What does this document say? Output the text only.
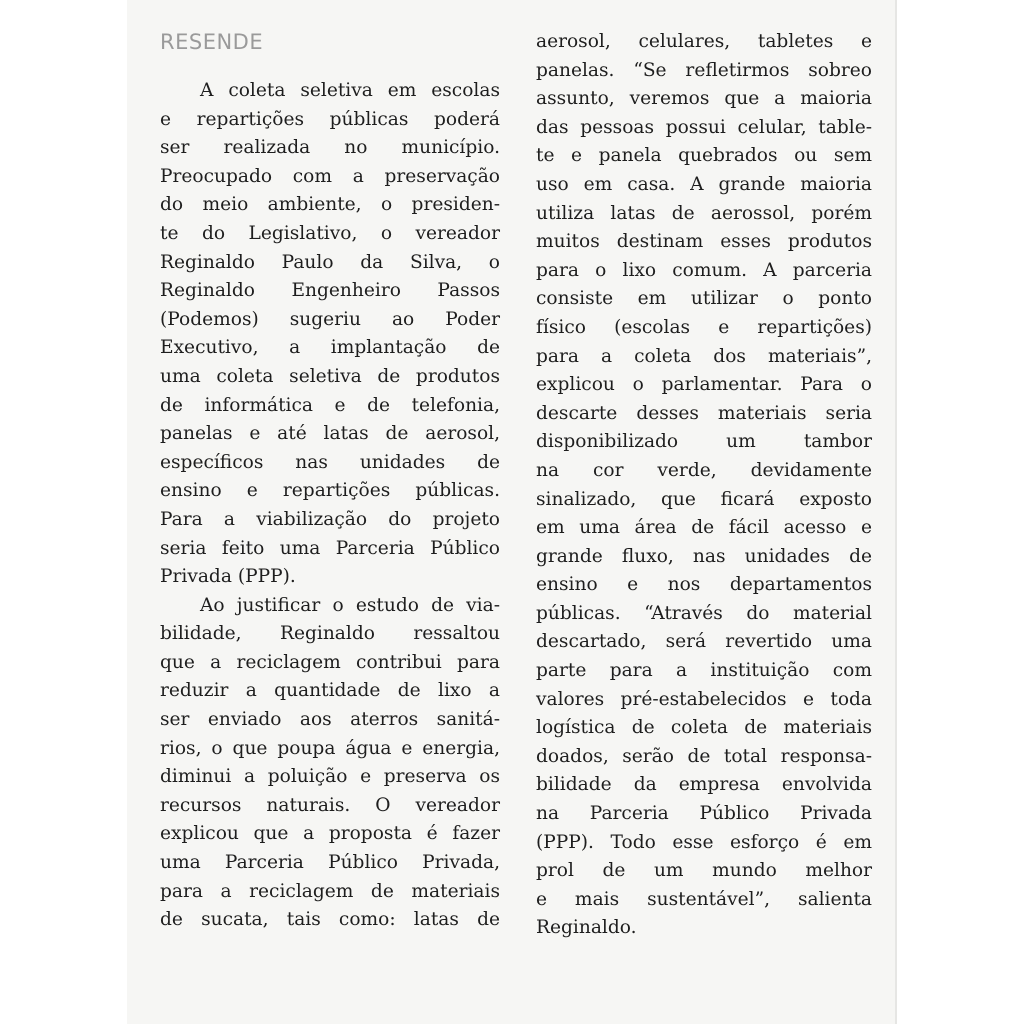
RESENDE
A coleta seletiva em escolas
e repartições públicas poderá
ser realizada no município.
Preocupado com a preservação
do meio ambiente, o presiden-
te do Legislativo, o vereador
Reginaldo Paulo da Silva, o
Reginaldo Engenheiro Passos
(Podemos) sugeriu ao Poder
Executivo, a implantação de
uma coleta seletiva de produtos
de informática e de telefonia,
panelas e até latas de aerosol,
específicos nas unidades de
ensino e repartições públicas.
Para a viabilização do projeto
seria feito uma Parceria Público
Privada (PPP).
Ao justificar o estudo de via-
bilidade, Reginaldo ressaltou
que a reciclagem contribui para
reduzir a quantidade de lixo a
ser enviado aos aterros sanitá-
rios, o que poupa água e energia,
diminui a poluição e preserva os
recursos naturais. O vereador
explicou que a proposta é fazer
uma Parceria Público Privada,
para a reciclagem de materiais
de sucata, tais como: latas de
aerosol, celulares, tabletes e
panelas. “Se refletirmos sobreo
assunto, veremos que a maioria
das pessoas possui celular, table-
te e panela quebrados ou sem
uso em casa. A grande maioria
utiliza latas de aerossol, porém
muitos destinam esses produtos
para o lixo comum. A parceria
consiste em utilizar o ponto
físico (escolas e repartições)
para a coleta dos materiais”,
explicou o parlamentar. Para o
descarte desses materiais seria
disponibilizado um tambor
na cor verde, devidamente
sinalizado, que ficará exposto
em uma área de fácil acesso e
grande fluxo, nas unidades de
ensino e nos departamentos
públicas. “Através do material
descartado, será revertido uma
parte para a instituição com
valores pré-estabelecidos e toda
logística de coleta de materiais
doados, serão de total responsa-
bilidade da empresa envolvida
na Parceria Público Privada
(PPP). Todo esse esforço é em
prol de um mundo melhor
e mais sustentável”, salienta
Reginaldo.
